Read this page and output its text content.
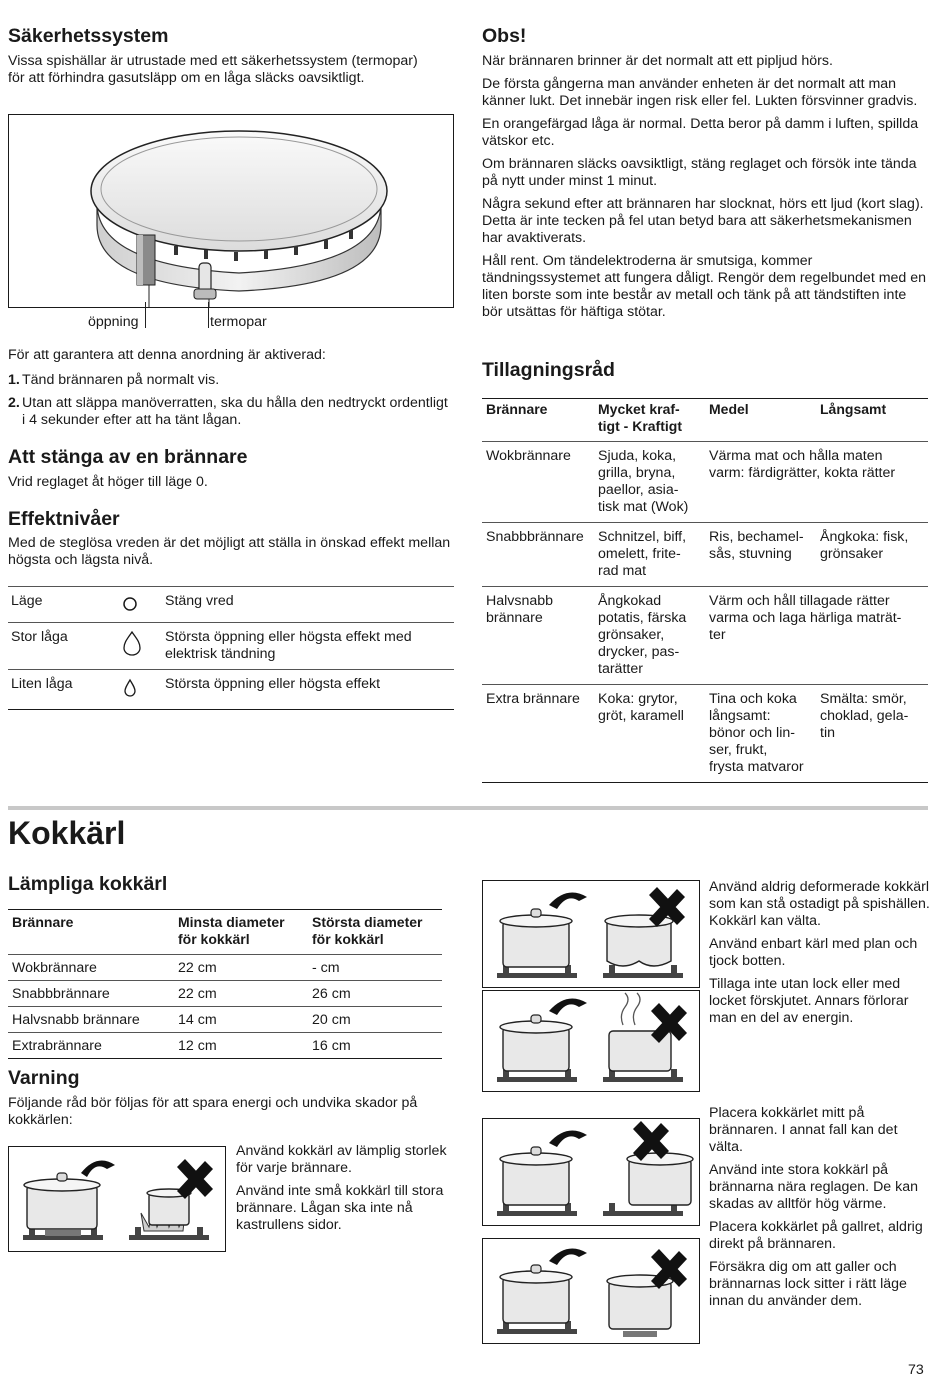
Säkerhetssystem

Vissa spishällar är utrustade med ett säkerhetssystem (termopar) för att förhindra gasutsläpp om en låga släcks oavsiktligt.

öppning	termopar

För att garantera att denna anordning är aktiverad:

1. Tänd brännaren på normalt vis.
2. Utan att släppa manöverratten, ska du hålla den nedtryckt ordentligt i 4 sekunder efter att ha tänt lågan.
Att stänga av en brännare

Vrid reglaget åt höger till läge 0.

Effektnivåer

Med de steglösa vreden är det möjligt att ställa in önskad effekt mellan högsta och lägsta nivå.

Läge		Stäng vred
Stor låga		Största öppning eller högsta effekt med elektrisk tändning
Liten låga		Största öppning eller högsta effekt
Obs!

När brännaren brinner är det normalt att ett pipljud hörs.

De första gångerna man använder enheten är det normalt att man känner lukt. Det innebär ingen risk eller fel. Lukten försvinner gradvis.

En orangefärgad låga är normal. Detta beror på damm i luften, spillda vätskor etc.

Om brännaren släcks oavsiktligt, stäng reglaget och försök inte tända på nytt under minst 1 minut.

Några sekund efter att brännaren har slocknat, hörs ett ljud (kort slag). Detta är inte tecken på fel utan betyd bara att säkerhetsmekanismen har avaktiverats.

Håll rent. Om tändelektroderna är smutsiga, kommer tändningssystemet att fungera dåligt. Rengör dem regelbundet med en liten borste som inte består av metall och tänk på att tändstiften inte bör utsättas för häftiga stötar.

Tillagningsråd
Brännare	Mycket kraf-
tigt - Kraftigt	Medel	Långsamt

Wokbrännare	Sjuda, koka,
grilla, bryna,
paellor, asia-
tisk mat (Wok)	Värma mat och hålla maten
varm: färdigrätter, kokta rätter	

Snabbbrännare	Schnitzel, biff,
omelett, frite-
rad mat	Ris, bechamel-
sås, stuvning	Ångkoka: fisk,
grönsaker

Halvsnabb
brännare	Ångkokad
potatis, färska
grönsaker,
drycker, pas-
tarätter	Värm och håll tillagade rätter
varma och laga härliga maträt-
ter	

Extra brännare	Koka: grytor,
gröt, karamell	Tina och koka
långsamt:
bönor och lin-
ser, frukt,
frysta matvaror	Smälta: smör,
choklad, gela-
tin
Kokkärl
Lämpliga kokkärl
Brännare	Minsta diameter
för kokkärl	Största diameter
för kokkärl

Wokbrännare	22 cm	- cm
Snabbbrännare	22 cm	26 cm
Halvsnabb brännare	14 cm	20 cm
Extrabrännare	12 cm	16 cm
Varning

Följande råd bör följas för att spara energi och undvika skador på kokkärlen:

Använd kokkärl av lämplig storlek för varje brännare.

Använd inte små kokkärl till stora brännare. Lågan ska inte nå kastrullens sidor.

Använd aldrig deformerade kokkärl som kan stå ostadigt på spishällen. Kokkärl kan välta.

Använd enbart kärl med plan och tjock botten.

Tillaga inte utan lock eller med locket förskjutet. Annars förlorar man en del av energin.

Placera kokkärlet mitt på brännaren. I annat fall kan det välta.

Använd inte stora kokkärl på brännarna nära reglagen. De kan skadas av alltför hög värme.

Placera kokkärlet på gallret, aldrig direkt på brännaren.

Försäkra dig om att galler och brännarnas lock sitter i rätt läge innan du använder dem.

73
